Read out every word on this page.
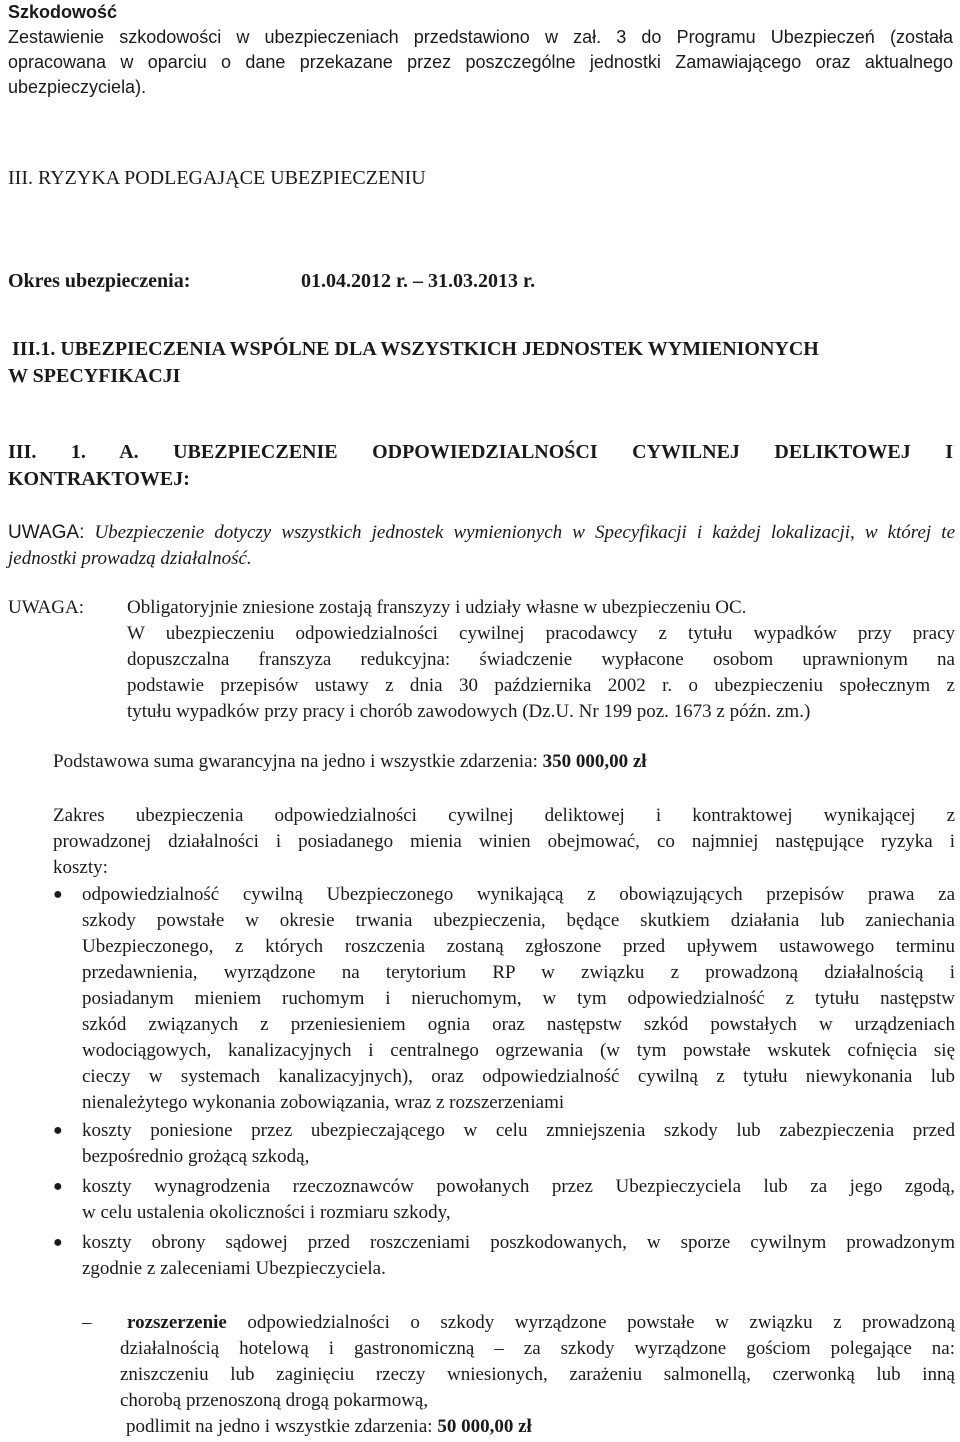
Szkodowość
Zestawienie szkodowości w ubezpieczeniach przedstawiono w zał. 3 do Programu Ubezpieczeń (została
opracowana w oparciu o dane przekazane przez poszczególne jednostki Zamawiającego oraz aktualnego
ubezpieczyciela).
III. RYZYKA PODLEGAJĄCE UBEZPIECZENIU
Okres ubezpieczenia:	01.04.2012 r. – 31.03.2013 r.
III.1. UBEZPIECZENIA WSPÓLNE DLA WSZYSTKICH JEDNOSTEK WYMIENIONYCH
W SPECYFIKACJI
III. 1. A. UBEZPIECZENIE ODPOWIEDZIALNOŚCI CYWILNEJ DELIKTOWEJ I
KONTRAKTOWEJ:
UWAGA: Ubezpieczenie dotyczy wszystkich jednostek wymienionych w Specyfikacji i każdej lokalizacji, w której te
jednostki prowadzą działalność.
UWAGA: Obligatoryjnie zniesione zostają franszyzy i udziały własne w ubezpieczeniu OC.
W ubezpieczeniu odpowiedzialności cywilnej pracodawcy z tytułu wypadków przy pracy
dopuszczalna franszyza redukcyjna: świadczenie wypłacone osobom uprawnionym na
podstawie przepisów ustawy z dnia 30 października 2002 r. o ubezpieczeniu społecznym z
tytułu wypadków przy pracy i chorób zawodowych (Dz.U. Nr 199 poz. 1673 z późn. zm.)
Podstawowa suma gwarancyjna na jedno i wszystkie zdarzenia: 350 000,00 zł
Zakres ubezpieczenia odpowiedzialności cywilnej deliktowej i kontraktowej wynikającej z
prowadzonej działalności i posiadanego mienia winien obejmować, co najmniej następujące ryzyka i
koszty:
● odpowiedzialność cywilną Ubezpieczonego wynikającą z obowiązujących przepisów prawa za
szkody powstałe w okresie trwania ubezpieczenia, będące skutkiem działania lub zaniechania
Ubezpieczonego, z których roszczenia zostaną zgłoszone przed upływem ustawowego terminu
przedawnienia, wyrządzone na terytorium RP w związku z prowadzoną działalnością i
posiadanym mieniem ruchomym i nieruchomym, w tym odpowiedzialność z tytułu następstw
szkód związanych z przeniesieniem ognia oraz następstw szkód powstałych w urządzeniach
wodociągowych, kanalizacyjnych i centralnego ogrzewania (w tym powstałe wskutek cofnięcia się
cieczy w systemach kanalizacyjnych), oraz odpowiedzialność cywilną z tytułu niewykonania lub
nienależytego wykonania zobowiązania, wraz z rozszerzeniami
● koszty poniesione przez ubezpieczającego w celu zmniejszenia szkody lub zabezpieczenia przed
bezpośrednio grożącą szkodą,
● koszty wynagrodzenia rzeczoznawców powołanych przez Ubezpieczyciela lub za jego zgodą,
w celu ustalenia okoliczności i rozmiaru szkody,
● koszty obrony sądowej przed roszczeniami poszkodowanych, w sporze cywilnym prowadzonym
zgodnie z zaleceniami Ubezpieczyciela.
–	rozszerzenie odpowiedzialności o szkody wyrządzone powstałe w związku z prowadzoną
działalnością hotelową i gastronomiczną – za szkody wyrządzone gościom polegające na:
zniszczeniu lub zaginięciu rzeczy wniesionych, zarażeniu salmonellą, czerwonką lub inną
chorobą przenoszoną drogą pokarmową,
podlimit na jedno i wszystkie zdarzenia: 50 000,00 zł
